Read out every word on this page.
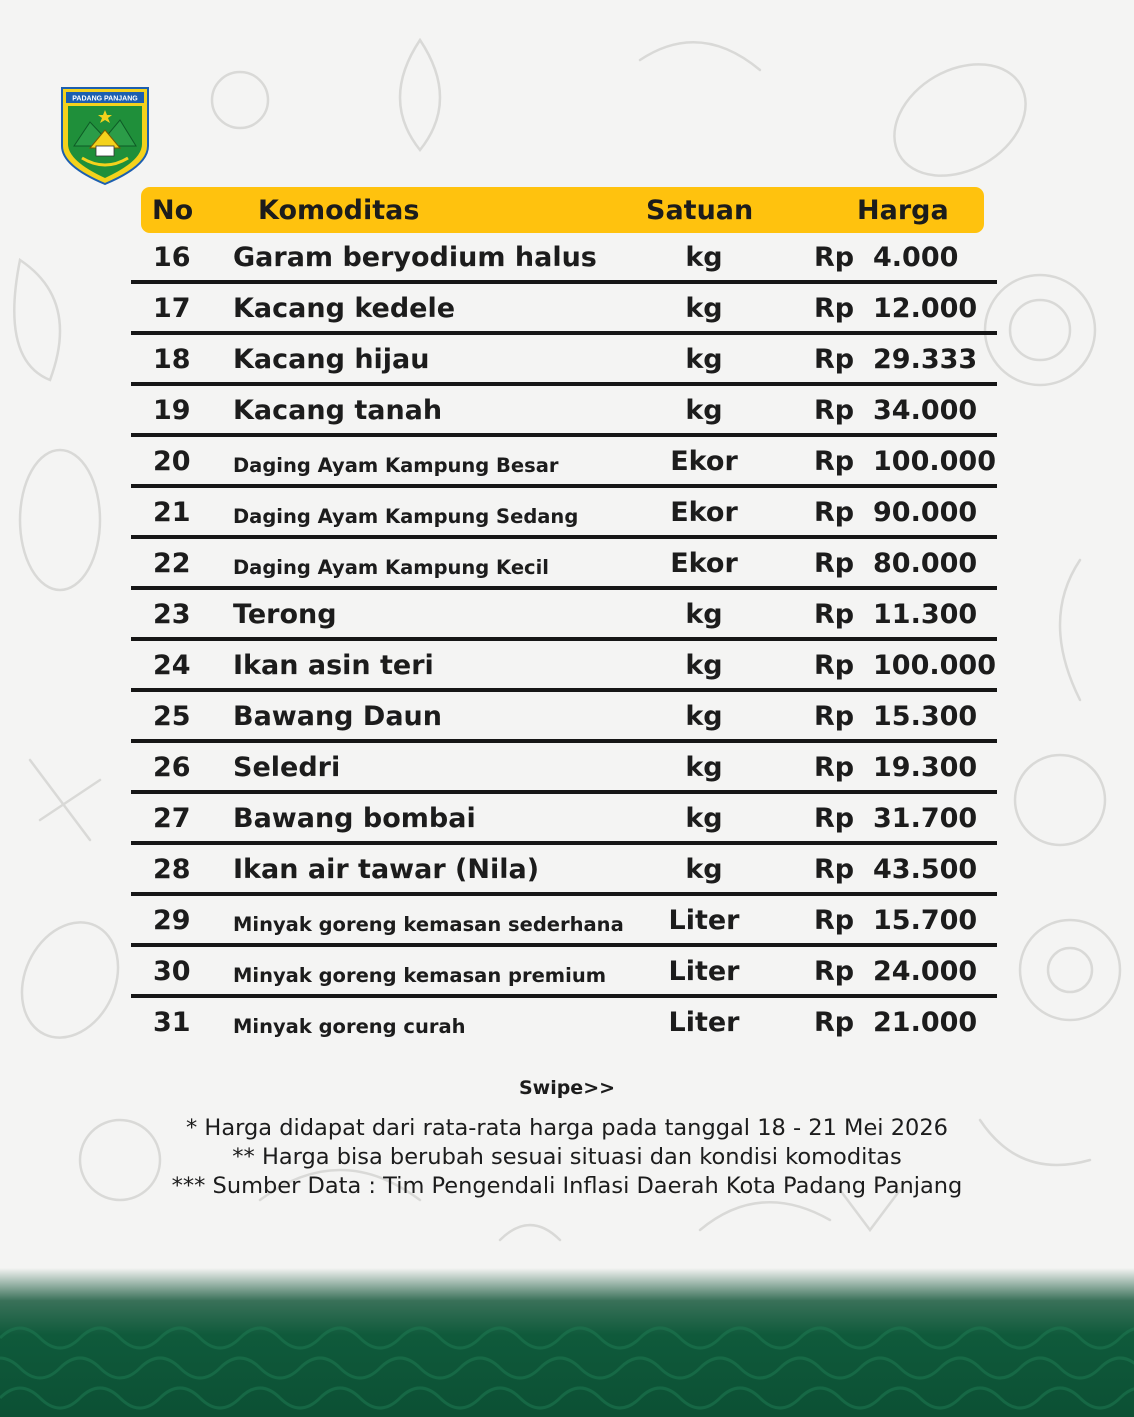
PADANG PANJANG
No Komoditas	Satuan	Harga
16 Garam beryodium halus	kg	Rp 4.000
17 Kacang kedele	kg	Rp 12.000
18 Kacang hijau	kg	Rp 29.333
19 Kacang tanah	kg	Rp 34.000
20 Daging Ayam Kampung Besar	Ekor	Rp 100.000
21 Daging Ayam Kampung Sedang	Ekor	Rp 90.000
22 Daging Ayam Kampung Kecil	Ekor	Rp 80.000
23 Terong	kg	Rp 11.300
24 Ikan asin teri	kg	Rp 100.000
25 Bawang Daun	kg	Rp 15.300
26 Seledri	kg	Rp 19.300
27 Bawang bombai	kg	Rp 31.700
28 Ikan air tawar (Nila)	kg	Rp 43.500
29 Minyak goreng kemasan sederhana	Liter	Rp 15.700
30 Minyak goreng kemasan premium	Liter	Rp 24.000
31 Minyak goreng curah	Liter	Rp 21.000
Swipe>>
* Harga didapat dari rata-rata harga pada tanggal 18 - 21 Mei 2026
** Harga bisa berubah sesuai situasi dan kondisi komoditas
*** Sumber Data : Tim Pengendali Inflasi Daerah Kota Padang Panjang
